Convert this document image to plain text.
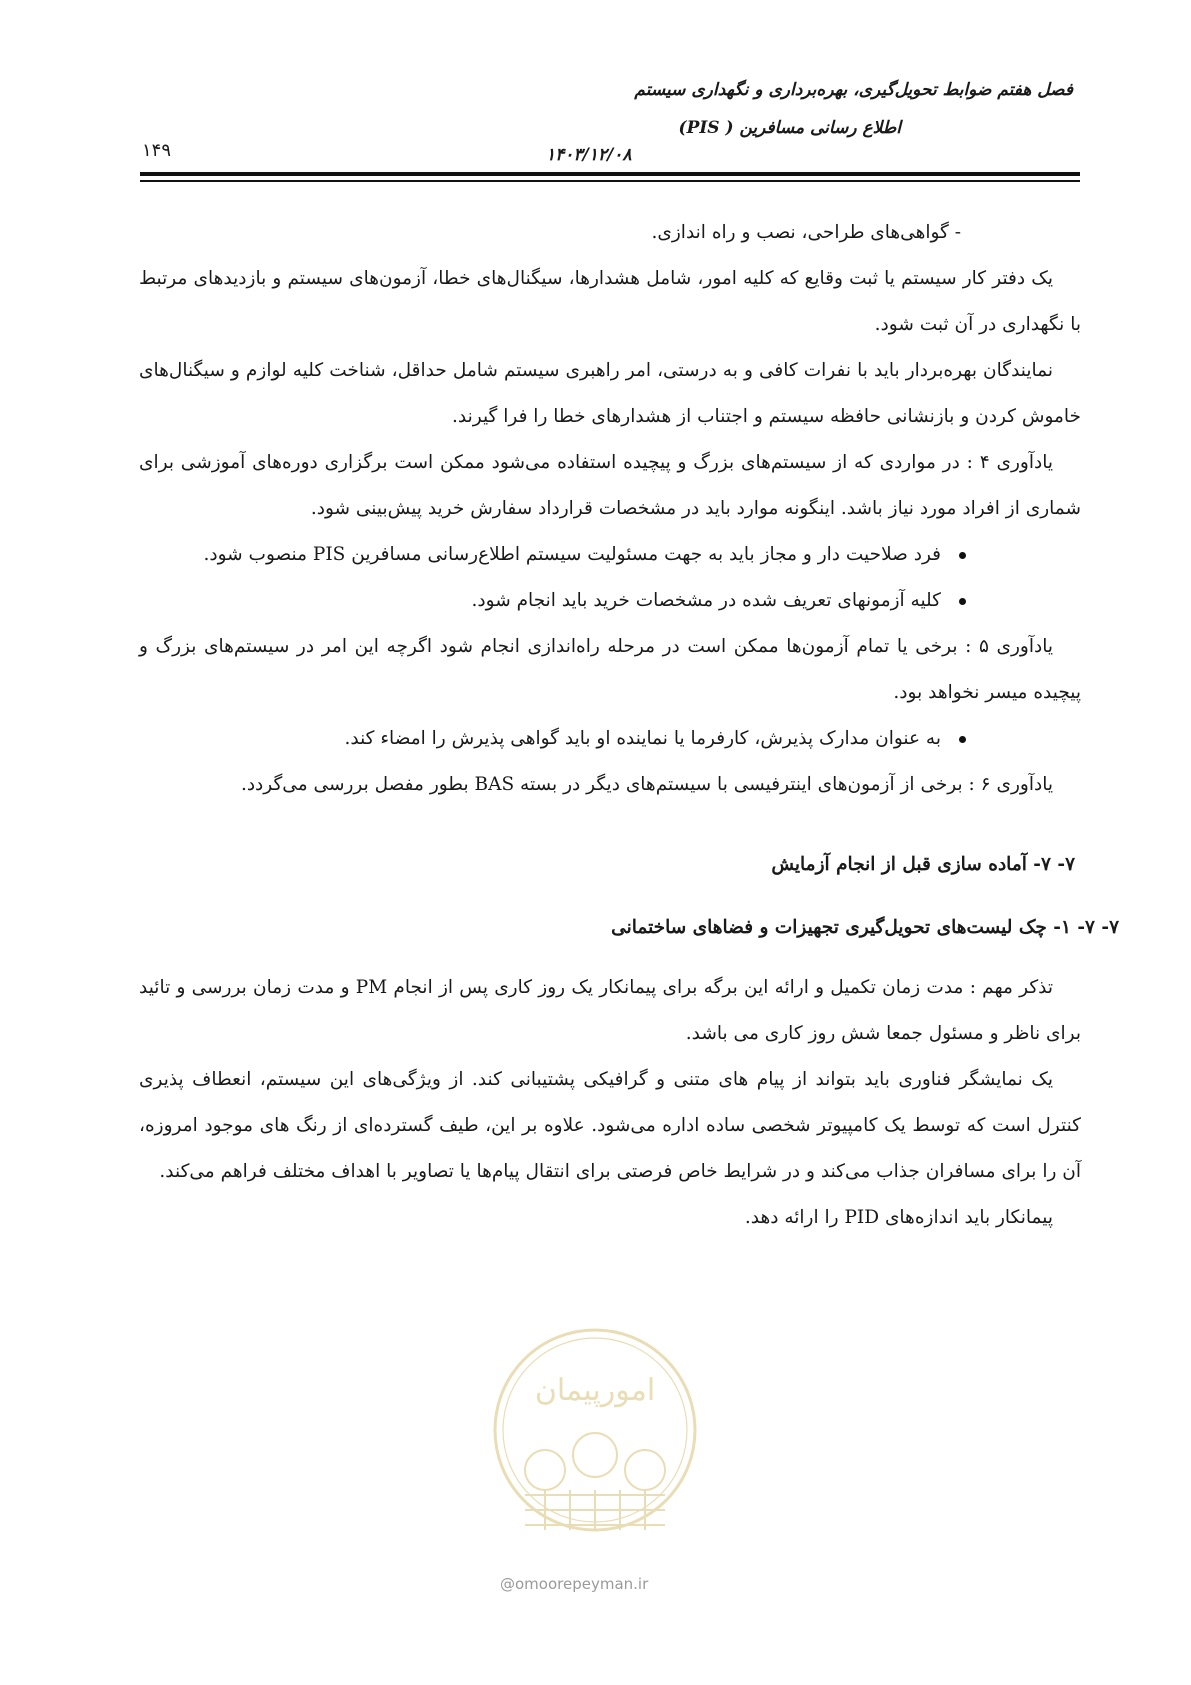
فصل هفتم ضوابط تحویل‌گیری، بهره‌برداری و نگهداری سیستم
اطلاع رسانی مسافرین ( PIS)
۱۴۰۳/۱۲/۰۸
۱۴۹

- گواهی‌های طراحی، نصب و راه اندازی.

یک دفتر کار سیستم یا ثبت وقایع که کلیه امور، شامل هشدارها، سیگنال‌های خطا، آزمون‌های سیستم و بازدیدهای مرتبط با نگهداری در آن ثبت شود.

نمایندگان بهره‌بردار باید با نفرات کافی و به درستی، امر راهبری سیستم شامل حداقل، شناخت کلیه لوازم و سیگنال‌های خاموش کردن و بازنشانی حافظه سیستم و اجتناب از هشدارهای خطا را فرا گیرند.

یادآوری ۴ : در مواردی که از سیستم‌های بزرگ و پیچیده استفاده می‌شود ممکن است برگزاری دوره‌های آموزشی برای شماری از افراد مورد نیاز باشد. اینگونه موارد باید در مشخصات قرارداد سفارش خرید پیش‌بینی شود.

فرد صلاحیت دار و مجاز باید به جهت مسئولیت سیستم اطلاع‌رسانی مسافرین PIS منصوب شود.

کلیه آزمونهای تعریف شده در مشخصات خرید باید انجام شود.

یادآوری ۵ : برخی یا تمام آزمون‌ها ممکن است در مرحله راه‌اندازی انجام شود اگرچه این امر در سیستم‌های بزرگ و پیچیده میسر نخواهد بود.

به عنوان مدارک پذیرش، کارفرما یا نماینده او باید گواهی پذیرش را امضاء کند.

یادآوری ۶ : برخی از آزمون‌های اینترفیسی با سیستم‌های دیگر در بسته BAS بطور مفصل بررسی می‌گردد.

۷- ۷- آماده سازی قبل از انجام آزمایش
۷- ۷- ۱- چک لیست‌های تحویل‌گیری تجهیزات و فضاهای ساختمانی

تذکر مهم : مدت زمان تکمیل و ارائه این برگه برای پیمانکار یک روز کاری پس از انجام PM و مدت زمان بررسی و تائید برای ناظر و مسئول جمعا شش روز کاری می باشد.

یک نمایشگر فناوری باید بتواند از پیام های متنی و گرافیکی پشتیبانی کند. از ویژگی‌های این سیستم، انعطاف پذیری کنترل است که توسط یک کامپیوتر شخصی ساده اداره می‌شود. علاوه بر این، طیف گسترده‌ای از رنگ های موجود امروزه، آن را برای مسافران جذاب می‌کند و در شرایط خاص فرصتی برای انتقال پیام‌ها یا تصاویر با اهداف مختلف فراهم می‌کند.

پیمانکار باید اندازه‌های PID را ارائه دهد.

امورپیمان
@omoorepeyman.ir
